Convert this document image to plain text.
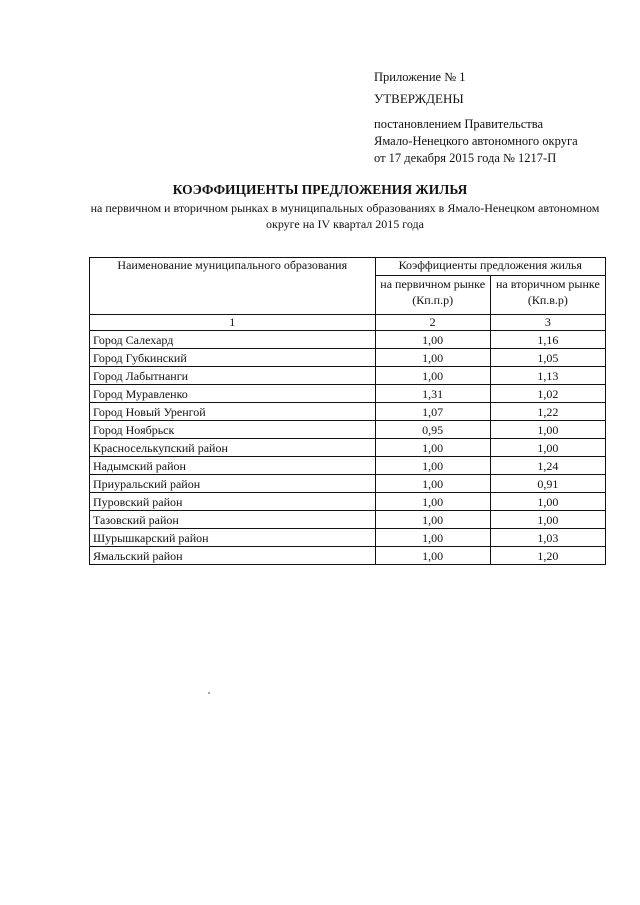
Приложение № 1
УТВЕРЖДЕНЫ
постановлением Правительства
Ямало-Ненецкого автономного округа
от 17 декабря 2015 года № 1217-П
КОЭФФИЦИЕНТЫ ПРЕДЛОЖЕНИЯ ЖИЛЬЯ
на первичном и вторичном рынках в муниципальных образованиях в Ямало-Ненецком автономном округе на IV квартал 2015 года
Наименование муниципального образования	Коэффициенты предложения жилья	
	на первичном рынке (Кп.п.р)	на вторичном рынке (Кп.в.р)
1	2	3
Город Салехард	1,00	1,16
Город Губкинский	1,00	1,05
Город Лабытнанги	1,00	1,13
Город Муравленко	1,31	1,02
Город Новый Уренгой	1,07	1,22
Город Ноябрьск	0,95	1,00
Красноселькупский район	1,00	1,00
Надымский район	1,00	1,24
Приуральский район	1,00	0,91
Пуровский район	1,00	1,00
Тазовский район	1,00	1,00
Шурышкарский район	1,00	1,03
Ямальский район	1,00	1,20
